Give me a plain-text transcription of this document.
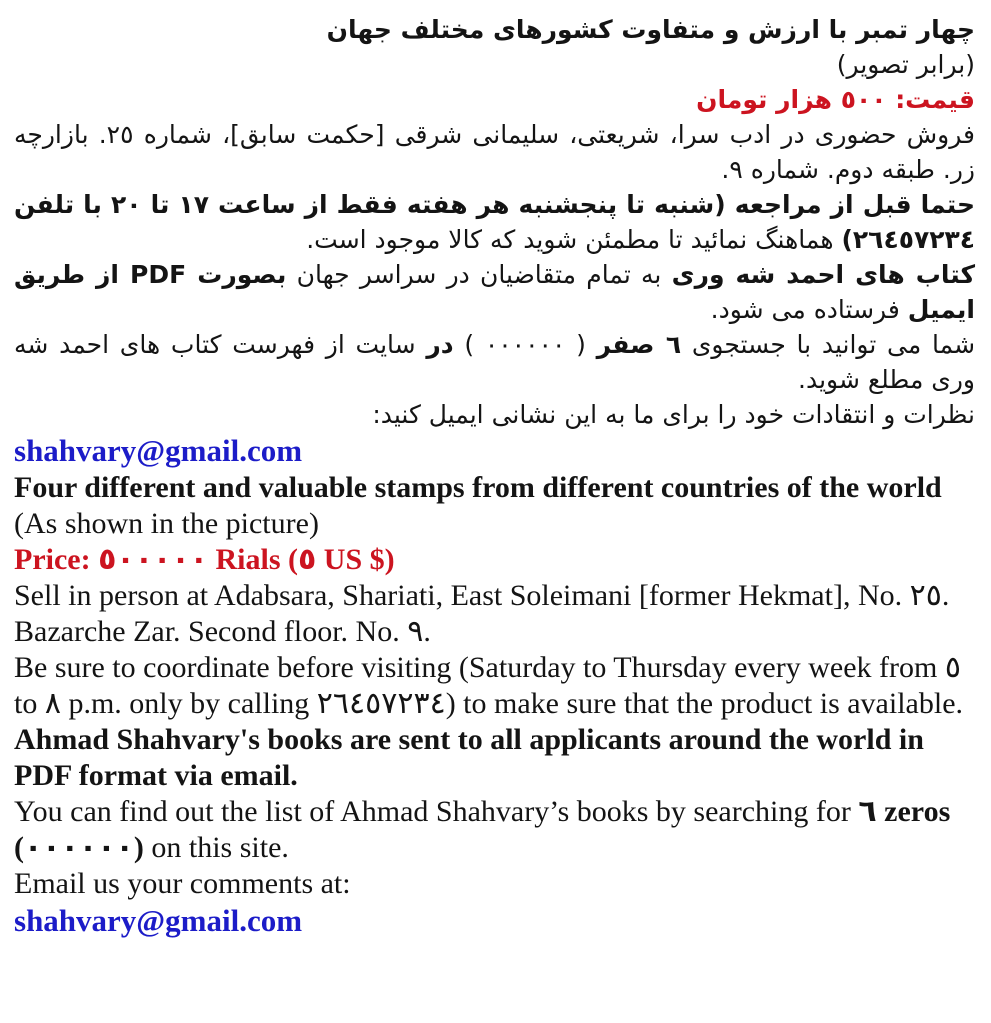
چهار تمبر با ارزش و متفاوت کشورهای مختلف جهان

(برابر تصویر)

قیمت: ٥٠٠ هزار تومان

فروش حضوری در ادب سرا، شریعتی، سلیمانی شرقی [حکمت سابق]، شماره ٢٥. بازارچه زر. طبقه دوم. شماره ٩.

حتما قبل از مراجعه (شنبه تا پنجشنبه هر هفته فقط از ساعت ١٧ تا ٢٠ با تلفن ٢٦٤٥٧٢٣٤) هماهنگ نمائید تا مطمئن شوید که کالا موجود است.

کتاب های احمد شه وری به تمام متقاضیان در سراسر جهان بصورت PDF از طریق ایمیل فرستاده می شود.

شما می توانید با جستجوی ٦ صفر ( ٠٠٠٠٠٠ ) در سایت از فهرست کتاب های احمد شه وری مطلع شوید.

نظرات و انتقادات خود را برای ما به این نشانی ایمیل کنید:

shahvary@gmail.com

Four different and valuable stamps from different countries of the world

(As shown in the picture)

Price: ٥٠٠٠٠٠ Rials (٥ US $)

Sell in person at Adabsara, Shariati, East Soleimani [former Hekmat], No. ٢٥. Bazarche Zar. Second floor. No. ٩.

Be sure to coordinate before visiting (Saturday to Thursday every week from ٥ to ٨ p.m. only by calling ٢٦٤٥٧٢٣٤) to make sure that the product is available.

Ahmad Shahvary's books are sent to all applicants around the world in PDF format via email.

You can find out the list of Ahmad Shahvary’s books by searching for ٦ zeros (٠٠٠٠٠٠) on this site.

Email us your comments at:

shahvary@gmail.com
